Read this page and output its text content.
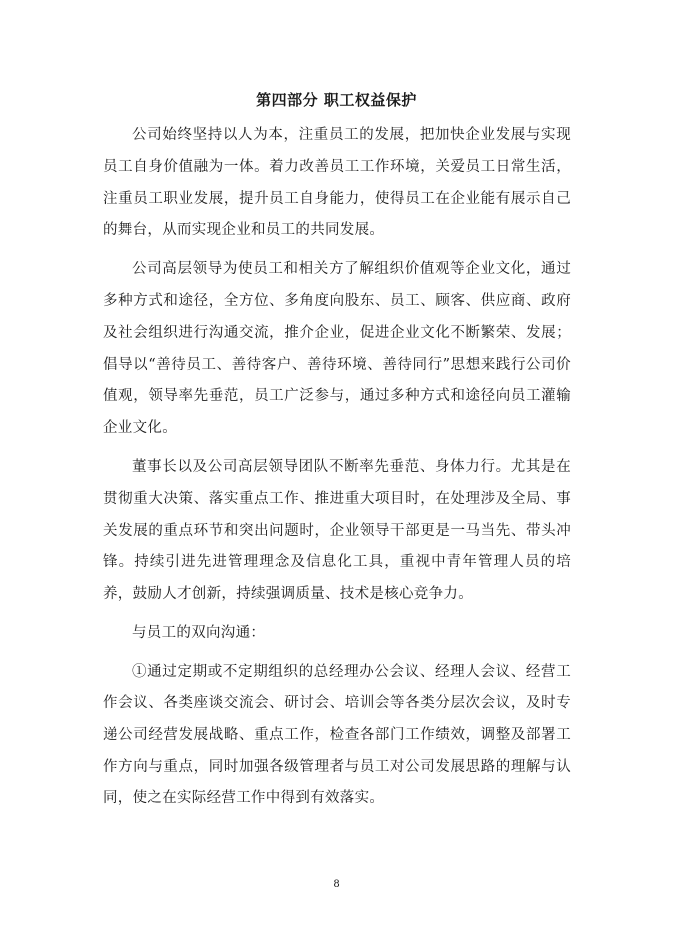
第四部分 职工权益保护

公司始终坚持以人为本，注重员工的发展，把加快企业发展与实现员工自身价值融为一体。着力改善员工工作环境，关爱员工日常生活，注重员工职业发展，提升员工自身能力，使得员工在企业能有展示自己的舞台，从而实现企业和员工的共同发展。

公司高层领导为使员工和相关方了解组织价值观等企业文化，通过多种方式和途径，全方位、多角度向股东、员工、顾客、供应商、政府及社会组织进行沟通交流，推介企业，促进企业文化不断繁荣、发展；倡导以“善待员工、善待客户、善待环境、善待同行”思想来践行公司价值观，领导率先垂范，员工广泛参与，通过多种方式和途径向员工灌输企业文化。

董事长以及公司高层领导团队不断率先垂范、身体力行。尤其是在贯彻重大决策、落实重点工作、推进重大项目时，在处理涉及全局、事关发展的重点环节和突出问题时，企业领导干部更是一马当先、带头冲锋。持续引进先进管理理念及信息化工具，重视中青年管理人员的培养，鼓励人才创新，持续强调质量、技术是核心竞争力。

与员工的双向沟通：

①通过定期或不定期组织的总经理办公会议、经理人会议、经营工作会议、各类座谈交流会、研讨会、培训会等各类分层次会议，及时专递公司经营发展战略、重点工作，检查各部门工作绩效，调整及部署工作方向与重点，同时加强各级管理者与员工对公司发展思路的理解与认同，使之在实际经营工作中得到有效落实。

8
